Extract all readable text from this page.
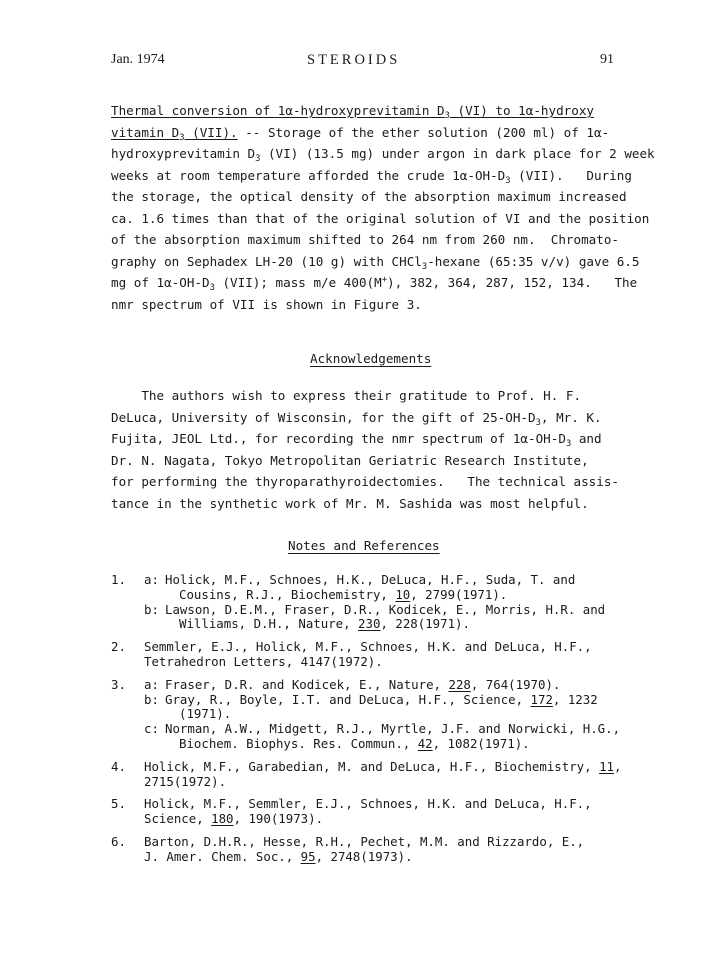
Jan. 1974	STEROIDS	91
Thermal conversion of 1α-hydroxyprevitamin $D_3$ (VI) to 1α-hydroxy
vitamin $D_3$ (VII). -- Storage of the ether solution (200 ml) of 1α-
hydroxyprevitamin $D_3$ (VI) (13.5 mg) under argon in dark place for 2 week
weeks at room temperature afforded the crude $1\alpha-OH-D_3$ (VII).   During
the storage, the optical density of the absorption maximum increased
ca. 1.6 times than that of the original solution of VI and the position
of the absorption maximum shifted to 264 nm from 260 nm.  Chromato-
graphy on Sephadex LH-20 (10 g) with CHCl$_3$-hexane (65:35 v/v) gave 6.5
mg of $1\alpha-OH-D_3$ (VII); mass m/e 400(M+), 382, 364, 287, 152, 134.   The
nmr spectrum of VII is shown in Figure 3.
Acknowledgements
The authors wish to express their gratitude to Prof. H. F.
DeLuca, University of Wisconsin, for the gift of $25-OH-D_3$, Mr. K.
Fujita, JEOL Ltd., for recording the nmr spectrum of $1\alpha-OH-D_3$ and
Dr. N. Nagata, Tokyo Metropolitan Geriatric Research Institute,
for performing the thyroparathyroidectomies.   The technical assis-
tance in the synthetic work of Mr. M. Sashida was most helpful.
Notes and References
1. a: Holick, M.F., Schnoes, H.K., DeLuca, H.F., Suda, T. and
Cousins, R.J., Biochemistry, 10, 2799(1971).
b: Lawson, D.E.M., Fraser, D.R., Kodicek, E., Morris, H.R. and
Williams, D.H., Nature, 230, 228(1971).
2. Semmler, E.J., Holick, M.F., Schnoes, H.K. and DeLuca, H.F.,
Tetrahedron Letters, 4147(1972).
3. a: Fraser, D.R. and Kodicek, E., Nature, 228, 764(1970).
b: Gray, R., Boyle, I.T. and DeLuca, H.F., Science, 172, 1232
(1971).
c: Norman, A.W., Midgett, R.J., Myrtle, J.F. and Norwicki, H.G.,
Biochem. Biophys. Res. Commun., 42, 1082(1971).
4. Holick, M.F., Garabedian, M. and DeLuca, H.F., Biochemistry, 11,
2715(1972).
5. Holick, M.F., Semmler, E.J., Schnoes, H.K. and DeLuca, H.F.,
Science, 180, 190(1973).
6. Barton, D.H.R., Hesse, R.H., Pechet, M.M. and Rizzardo, E.,
J. Amer. Chem. Soc., 95, 2748(1973).
